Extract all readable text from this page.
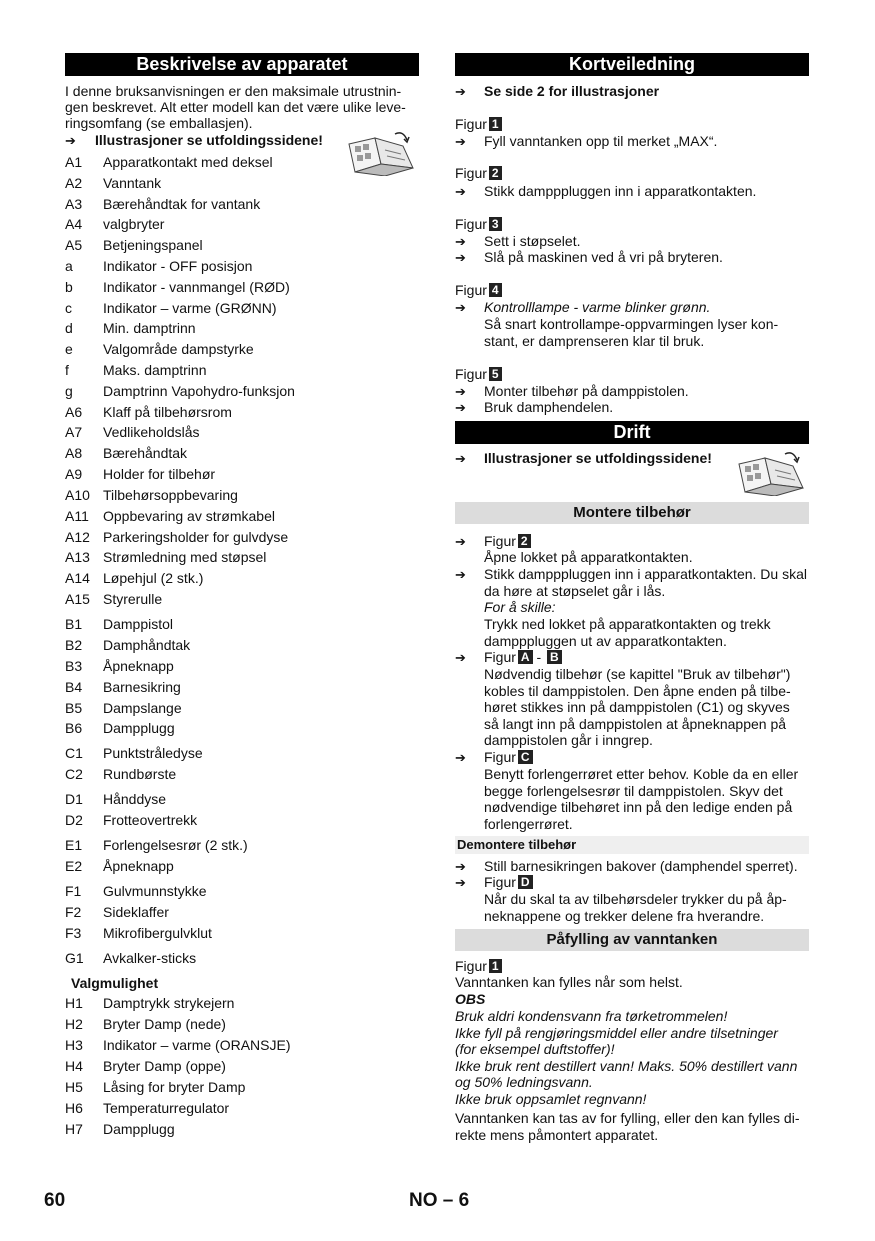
Beskrivelse av apparatet
I denne bruksanvisningen er den maksimale utrustnin-
gen beskrevet. Alt etter modell kan det være ulike leve-
ringsomfang (se emballasjen).
➔ Illustrasjoner se utfoldingssidene!
A1 Apparatkontakt med deksel
A2 Vanntank
A3 Bærehåndtak for vantank
A4 valgbryter
A5 Betjeningspanel
a Indikator - OFF posisjon
b Indikator - vannmangel (RØD)
c Indikator – varme (GRØNN)
d Min. damptrinn
e Valgområde dampstyrke
f Maks. damptrinn
g Damptrinn Vapohydro-funksjon
A6 Klaff på tilbehørsrom
A7 Vedlikeholdslås
A8 Bærehåndtak
A9 Holder for tilbehør
A10 Tilbehørsoppbevaring
A11 Oppbevaring av strømkabel
A12 Parkeringsholder for gulvdyse
A13 Strømledning med støpsel
A14 Løpehjul (2 stk.)
A15 Styrerulle
B1 Damppistol
B2 Damphåndtak
B3 Åpneknapp
B4 Barnesikring
B5 Dampslange
B6 Dampplugg
C1 Punktstråledyse
C2 Rundbørste
D1 Hånddyse
D2 Frotteovertrekk
E1 Forlengelsesrør (2 stk.)
E2 Åpneknapp
F1 Gulvmunnstykke
F2 Sideklaffer
F3 Mikrofibergulvklut
G1 Avkalker-sticks
Valgmulighet
H1 Damptrykk strykejern
H2 Bryter Damp (nede)
H3 Indikator – varme (ORANSJE)
H4 Bryter Damp (oppe)
H5 Låsing for bryter Damp
H6 Temperaturregulator
H7 Dampplugg
Kortveiledning
➔ Se side 2 for illustrasjoner
Figur 1
➔ Fyll vanntanken opp til merket „MAX“.
Figur 2
➔ Stikk dampppluggen inn i apparatkontakten.
Figur 3
➔ Sett i støpselet.
➔ Slå på maskinen ved å vri på bryteren.
Figur 4
➔ Kontrolllampe - varme blinker grønn.
Så snart kontrollampe-oppvarmingen lyser kon-
stant, er damprenseren klar til bruk.
Figur 5
➔ Monter tilbehør på damppistolen.
➔ Bruk damphendelen.
Drift
➔ Illustrasjoner se utfoldingssidene!
Montere tilbehør
➔ Figur 2
Åpne lokket på apparatkontakten.
➔ Stikk dampppluggen inn i apparatkontakten. Du skal
da høre at støpselet går i lås.
For å skille:
Trykk ned lokket på apparatkontakten og trekk
dampppluggen ut av apparatkontakten.
➔ Figur A - B
Nødvendig tilbehør (se kapittel "Bruk av tilbehør")
kobles til damppistolen. Den åpne enden på tilbe-
høret stikkes inn på damppistolen (C1) og skyves
så langt inn på damppistolen at åpneknappen på
damppistolen går i inngrep.
➔ Figur C
Benytt forlengerrøret etter behov. Koble da en eller
begge forlengelsesrør til damppistolen. Skyv det
nødvendige tilbehøret inn på den ledige enden på
forlengerrøret.
Demontere tilbehør
➔ Still barnesikringen bakover (damphendel sperret).
➔ Figur D
Når du skal ta av tilbehørsdeler trykker du på åp-
neknappene og trekker delene fra hverandre.
Påfylling av vanntanken
Figur 1
Vanntanken kan fylles når som helst.
OBS
Bruk aldri kondensvann fra tørketrommelen!
Ikke fyll på rengjøringsmiddel eller andre tilsetninger
(for eksempel duftstoffer)!
Ikke bruk rent destillert vann! Maks. 50% destillert vann
og 50% ledningsvann.
Ikke bruk oppsamlet regnvann!
Vanntanken kan tas av for fylling, eller den kan fylles di-
rekte mens påmontert apparatet.
60	NO – 6
